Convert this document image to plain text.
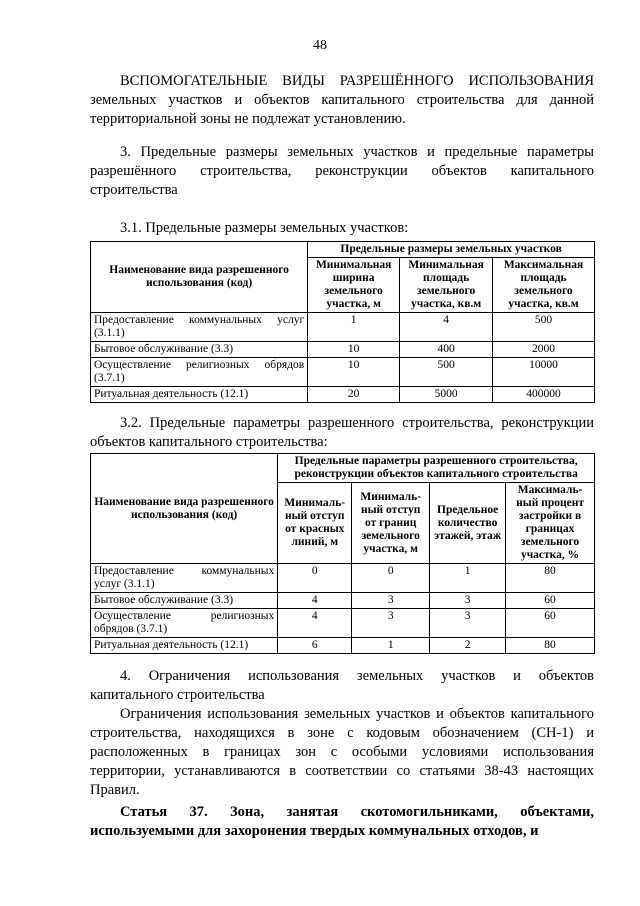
48
ВСПОМОГАТЕЛЬНЫЕ ВИДЫ РАЗРЕШЁННОГО ИСПОЛЬЗОВАНИЯ земельных участков и объектов капитального строительства для данной территориальной зоны не подлежат установлению.
3. Предельные размеры земельных участков и предельные параметры разрешённого строительства, реконструкции объектов капитального строительства
3.1. Предельные размеры земельных участков:
Наименование вида разрешенного использования (код)	Предельные размеры земельных участков		
	Минимальная ширина земельного участка, м	Минимальная площадь земельного участка, кв.м	Максимальная площадь земельного участка, кв.м
Предоставление коммунальных услуг (3.1.1)	1	4	500
Бытовое обслуживание (3.3)	10	400	2000
Осуществление религиозных обрядов (3.7.1)	10	500	10000
Ритуальная деятельность (12.1)	20	5000	400000
3.2. Предельные параметры разрешенного строительства, реконструкции объектов капитального строительства:
Наименование вида разрешенного использования (код)	Предельные параметры разрешенного строительства, реконструкции объектов капитального строительства			
	Минималь-ный отступ от красных линий, м	Минималь-ный отступ от границ земельного участка, м	Предельное количество этажей, этаж	Максималь-ный процент застройки в границах земельного участка, %
Предоставление коммунальных услуг (3.1.1)	0	0	1	80
Бытовое обслуживание (3.3)	4	3	3	60
Осуществление религиозных обрядов (3.7.1)	4	3	3	60
Ритуальная деятельность (12.1)	6	1	2	80
4. Ограничения использования земельных участков и объектов капитального строительства
Ограничения использования земельных участков и объектов капитального строительства, находящихся в зоне с кодовым обозначением (СН-1) и расположенных в границах зон с особыми условиями использования территории, устанавливаются в соответствии со статьями 38-43 настоящих Правил.
Статья 37. Зона, занятая скотомогильниками, объектами, используемыми для захоронения твердых коммунальных отходов, и
